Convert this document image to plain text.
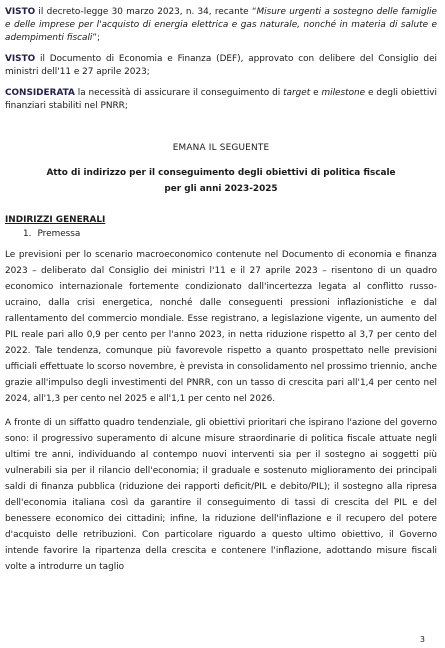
VISTO il decreto-legge 30 marzo 2023, n. 34, recante “Misure urgenti a sostegno delle famiglie e delle imprese per l'acquisto di energia elettrica e gas naturale, nonché in materia di salute e adempimenti fiscali”;

VISTO il Documento di Economia e Finanza (DEF), approvato con delibere del Consiglio dei ministri dell'11 e 27 aprile 2023;

CONSIDERATA la necessità di assicurare il conseguimento di target e milestone e degli obiettivi finanziari stabiliti nel PNRR;

EMANA IL SEGUENTE

Atto di indirizzo per il conseguimento degli obiettivi di politica fiscale
per gli anni 2023-2025
INDIRIZZI GENERALI
1. Premessa

Le previsioni per lo scenario macroeconomico contenute nel Documento di economia e finanza 2023 – deliberato dal Consiglio dei ministri l'11 e il 27 aprile 2023 – risentono di un quadro economico internazionale fortemente condizionato dall'incertezza legata al conflitto russo-ucraino, dalla crisi energetica, nonché dalle conseguenti pressioni inflazionistiche e dal rallentamento del commercio mondiale. Esse registrano, a legislazione vigente, un aumento del PIL reale pari allo 0,9 per cento per l'anno 2023, in netta riduzione rispetto al 3,7 per cento del 2022. Tale tendenza, comunque più favorevole rispetto a quanto prospettato nelle previsioni ufficiali effettuate lo scorso novembre, è prevista in consolidamento nel prossimo triennio, anche grazie all'impulso degli investimenti del PNRR, con un tasso di crescita pari all'1,4 per cento nel 2024, all'1,3 per cento nel 2025 e all'1,1 per cento nel 2026.

A fronte di un siffatto quadro tendenziale, gli obiettivi prioritari che ispirano l'azione del governo sono: il progressivo superamento di alcune misure straordinarie di politica fiscale attuate negli ultimi tre anni, individuando al contempo nuovi interventi sia per il sostegno ai soggetti più vulnerabili sia per il rilancio dell'economia; il graduale e sostenuto miglioramento dei principali saldi di finanza pubblica (riduzione dei rapporti deficit/PIL e debito/PIL); il sostegno alla ripresa dell'economia italiana così da garantire il conseguimento di tassi di crescita del PIL e del benessere economico dei cittadini; infine, la riduzione dell'inflazione e il recupero del potere d'acquisto delle retribuzioni. Con particolare riguardo a questo ultimo obiettivo, il Governo intende favorire la ripartenza della crescita e contenere l'inflazione, adottando misure fiscali volte a introdurre un taglio

3
